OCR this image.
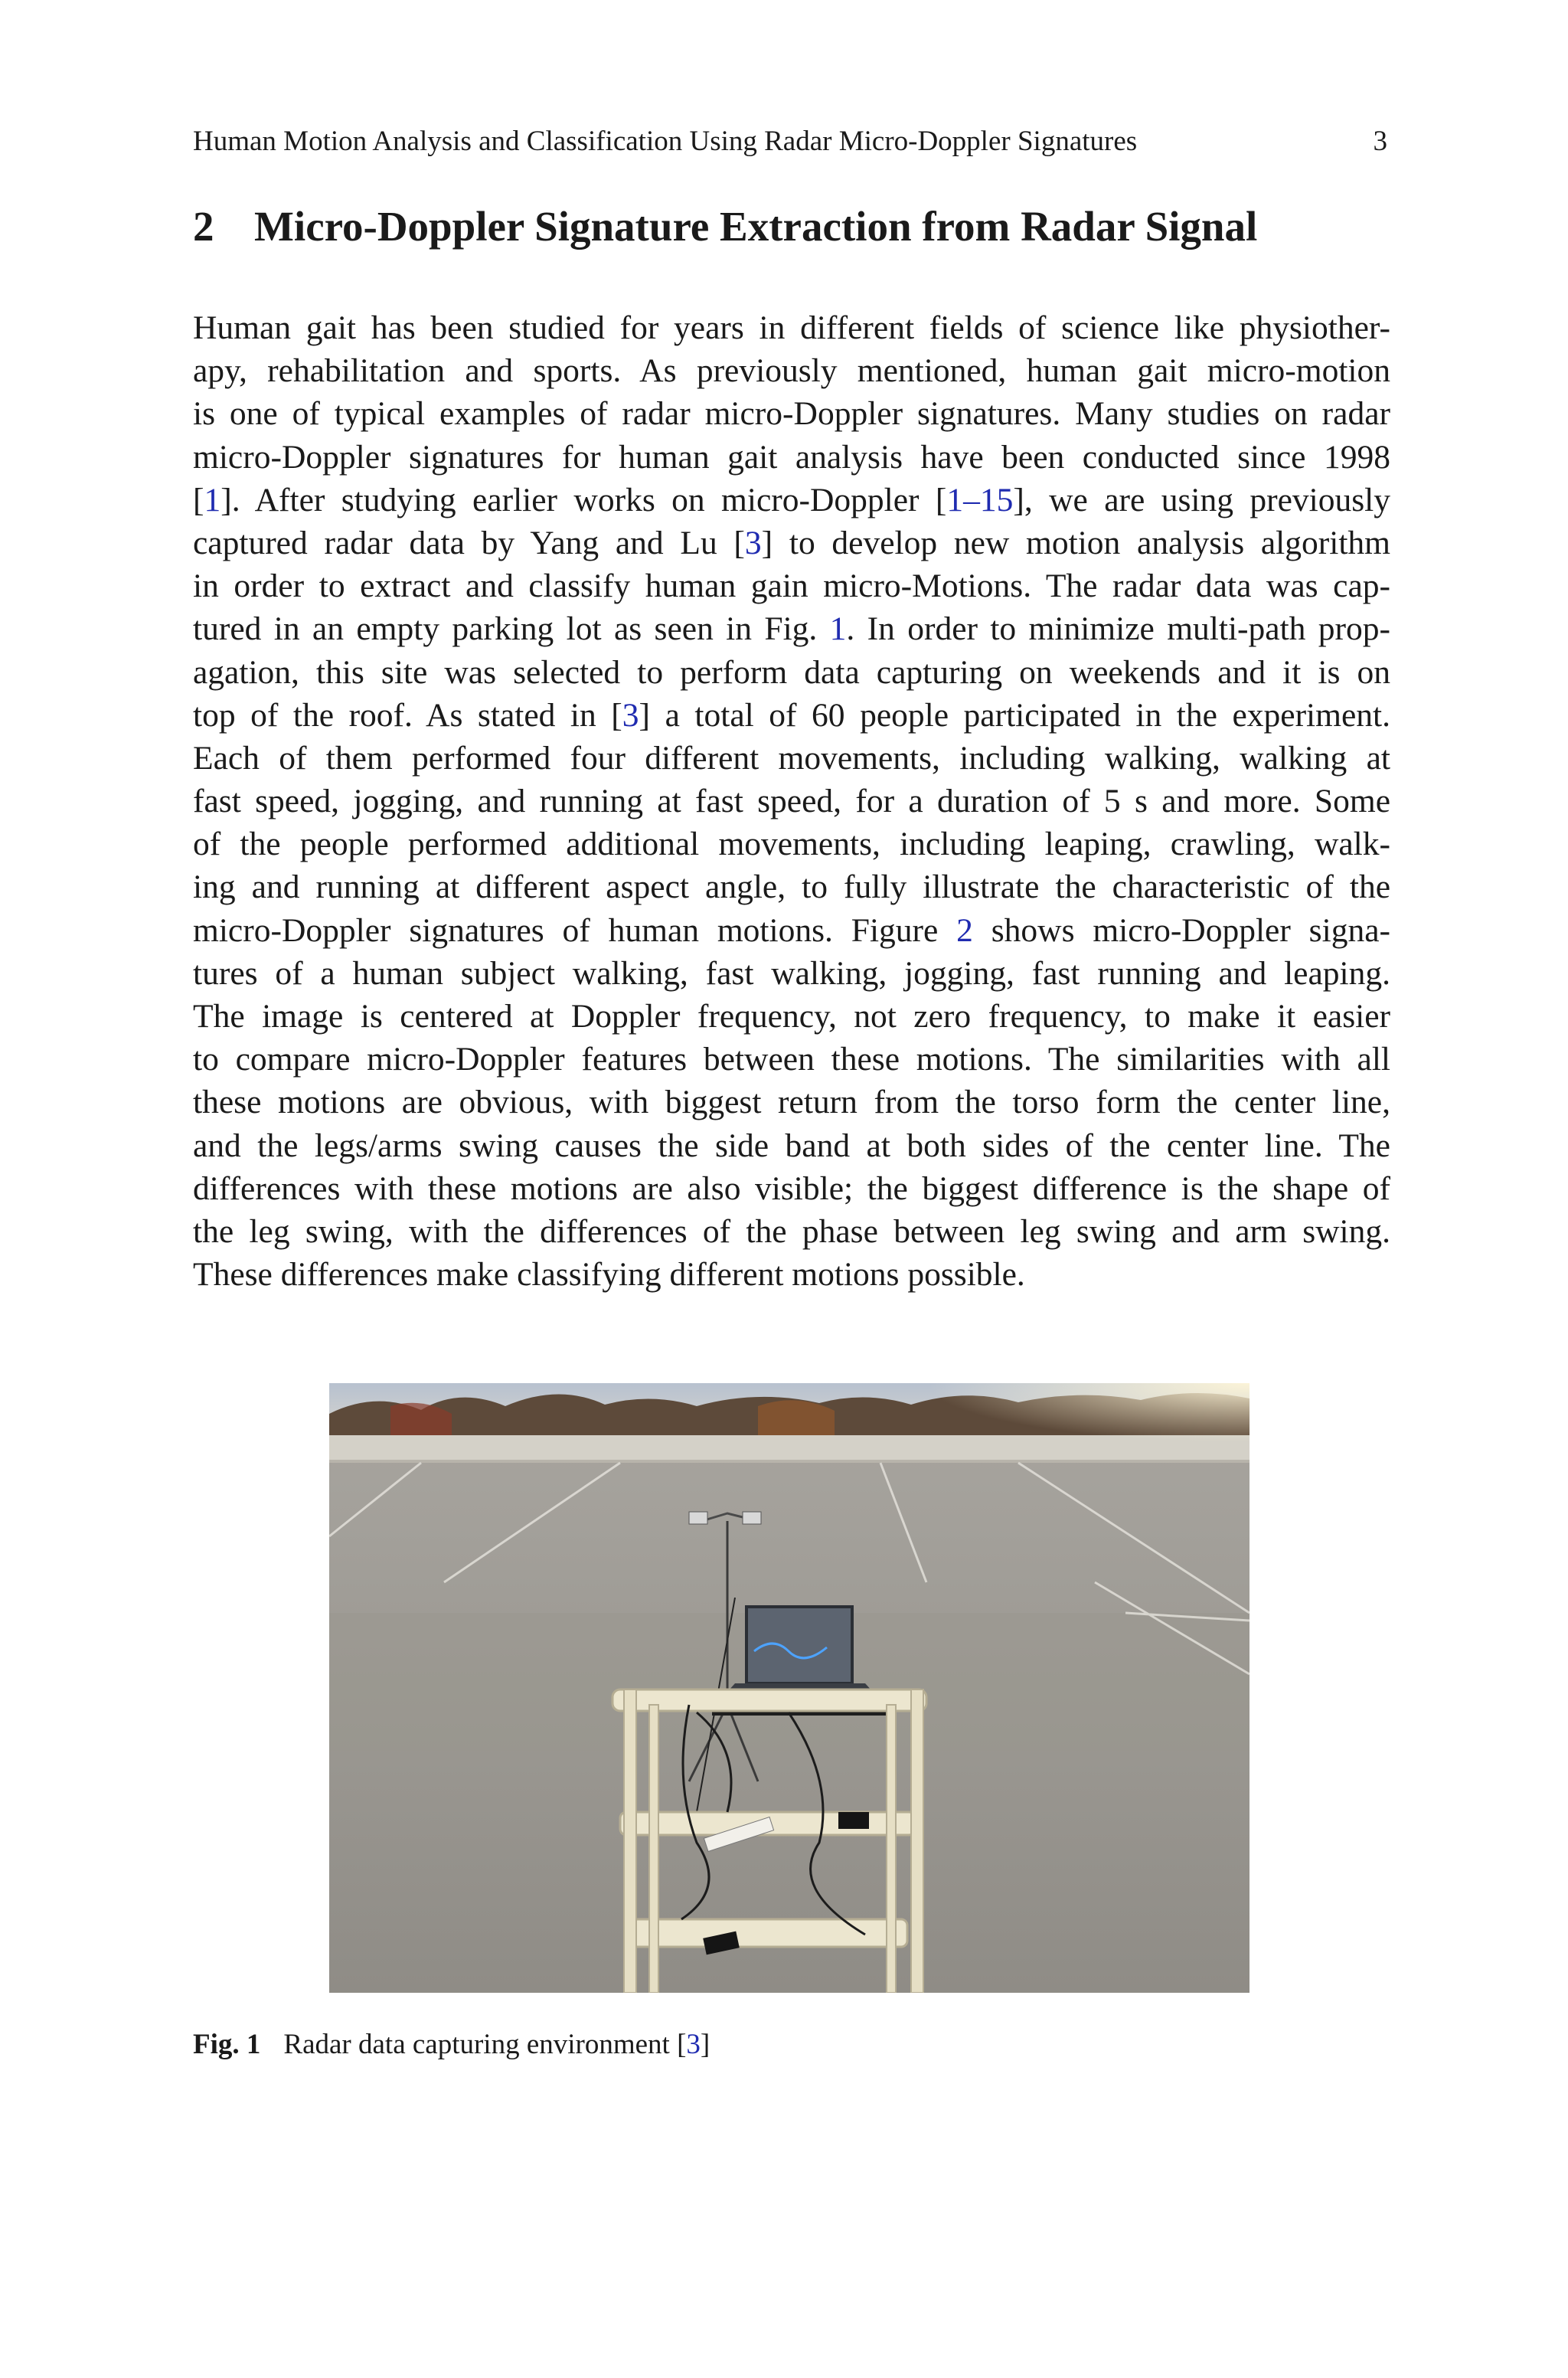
Human Motion Analysis and Classification Using Radar Micro-Doppler Signatures	3
2 Micro-Doppler Signature Extraction from Radar Signal
Human gait has been studied for years in different fields of science like physiother-
apy, rehabilitation and sports. As previously mentioned, human gait micro-motion
is one of typical examples of radar micro-Doppler signatures. Many studies on radar
micro-Doppler signatures for human gait analysis have been conducted since 1998
[1]. After studying earlier works on micro-Doppler [1–15], we are using previously
captured radar data by Yang and Lu [3] to develop new motion analysis algorithm
in order to extract and classify human gain micro-Motions. The radar data was cap-
tured in an empty parking lot as seen in Fig. 1. In order to minimize multi-path prop-
agation, this site was selected to perform data capturing on weekends and it is on
top of the roof. As stated in [3] a total of 60 people participated in the experiment.
Each of them performed four different movements, including walking, walking at
fast speed, jogging, and running at fast speed, for a duration of 5 s and more. Some
of the people performed additional movements, including leaping, crawling, walk-
ing and running at different aspect angle, to fully illustrate the characteristic of the
micro-Doppler signatures of human motions. Figure 2 shows micro-Doppler signa-
tures of a human subject walking, fast walking, jogging, fast running and leaping.
The image is centered at Doppler frequency, not zero frequency, to make it easier
to compare micro-Doppler features between these motions. The similarities with all
these motions are obvious, with biggest return from the torso form the center line,
and the legs/arms swing causes the side band at both sides of the center line. The
differences with these motions are also visible; the biggest difference is the shape of
the leg swing, with the differences of the phase between leg swing and arm swing.
These differences make classifying different motions possible.
Fig. 1 Radar data capturing environment [3]
